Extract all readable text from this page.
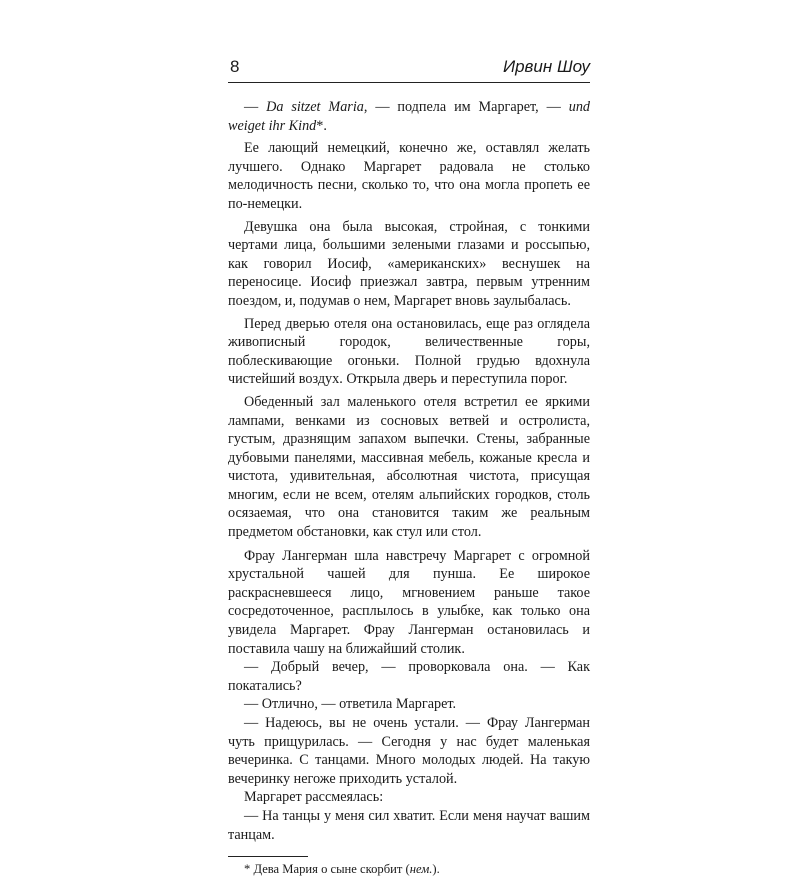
8	Ирвин Шоу

— Da sitzet Maria, — подпела им Маргарет, — und weiget ihr Kind*.

Ее лающий немецкий, конечно же, оставлял желать лучшего. Однако Маргарет радовала не столько мелодичность песни, сколько то, что она могла пропеть ее по-немецки.

Девушка она была высокая, стройная, с тонкими чертами лица, большими зелеными глазами и россыпью, как говорил Иосиф, «американских» веснушек на переносице. Иосиф приезжал завтра, первым утренним поездом, и, подумав о нем, Маргарет вновь заулыбалась.

Перед дверью отеля она остановилась, еще раз оглядела живописный городок, величественные горы, поблескивающие огоньки. Полной грудью вдохнула чистейший воздух. Открыла дверь и переступила порог.

Обеденный зал маленького отеля встретил ее яркими лампами, венками из сосновых ветвей и остролиста, густым, дразнящим запахом выпечки. Стены, забранные дубовыми панелями, массивная мебель, кожаные кресла и чистота, удивительная, абсолютная чистота, присущая многим, если не всем, отелям альпийских городков, столь осязаемая, что она становится таким же реальным предметом обстановки, как стул или стол.

Фрау Лангерман шла навстречу Маргарет с огромной хрустальной чашей для пунша. Ее широкое раскрасневшееся лицо, мгновением раньше такое сосредоточенное, расплылось в улыбке, как только она увидела Маргарет. Фрау Лангерман остановилась и поставила чашу на ближайший столик.

— Добрый вечер, — проворковала она. — Как покатались?

— Отлично, — ответила Маргарет.

— Надеюсь, вы не очень устали. — Фрау Лангерман чуть прищурилась. — Сегодня у нас будет маленькая вечеринка. С танцами. Много молодых людей. На такую вечеринку негоже приходить усталой.

Маргарет рассмеялась:

— На танцы у меня сил хватит. Если меня научат вашим танцам.

* Дева Мария о сыне скорбит (нем.).
